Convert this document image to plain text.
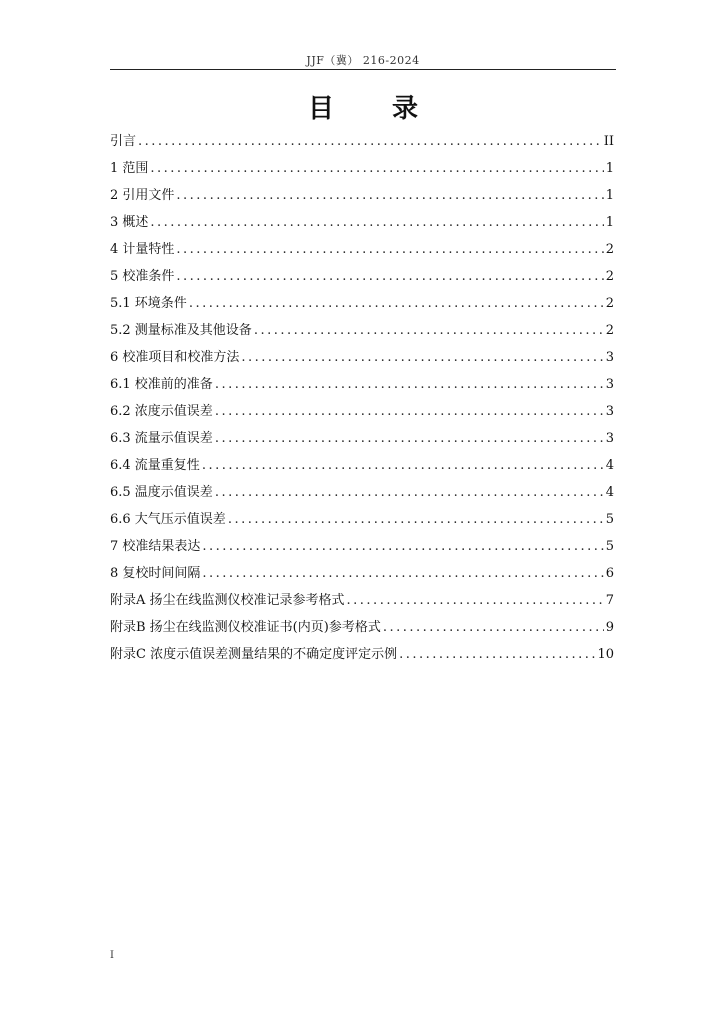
JJF（冀） 216-2024
目录
引言 .....	II
1 范围 .....	1
2 引用文件 .....	1
3 概述 .....	1
4 计量特性 .....	2
5 校准条件 .....	2
5.1 环境条件 .....	2
5.2 测量标准及其他设备 .....	2
6 校准项目和校准方法 .....	3
6.1 校准前的准备 .....	3
6.2 浓度示值误差 .....	3
6.3 流量示值误差 .....	3
6.4 流量重复性 .....	4
6.5 温度示值误差 .....	4
6.6 大气压示值误差 .....	5
7 校准结果表达 .....	5
8 复校时间间隔 .....	6
附录A 扬尘在线监测仪校准记录参考格式 .....	7
附录B 扬尘在线监测仪校准证书(内页)参考格式 .....	9
附录C 浓度示值误差测量结果的不确定度评定示例 .....	10
I
